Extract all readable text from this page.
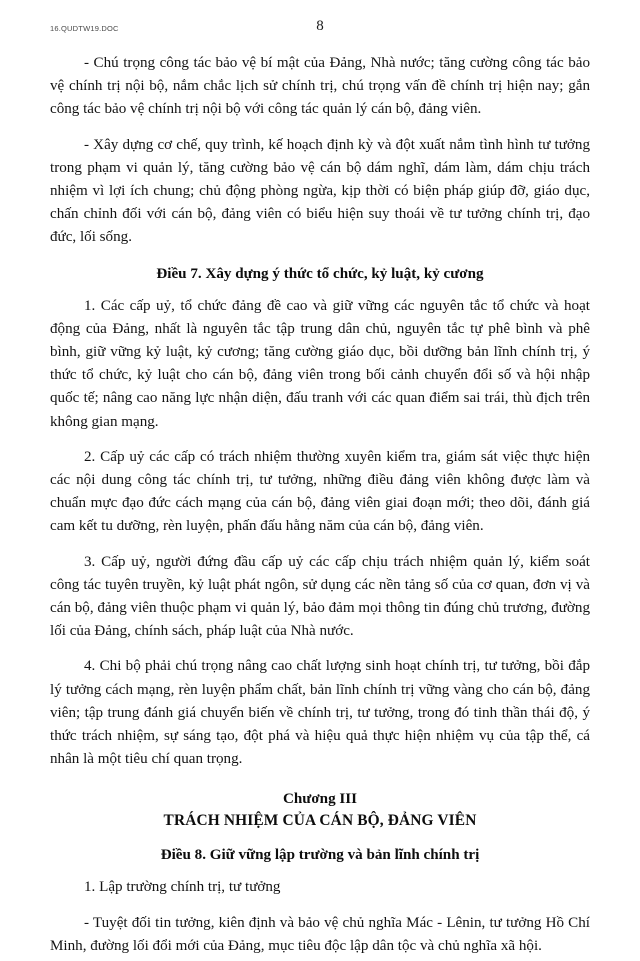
16.QUDTW19.DOC	8

- Chú trọng công tác bảo vệ bí mật của Đảng, Nhà nước; tăng cường công tác bảo vệ chính trị nội bộ, nắm chắc lịch sử chính trị, chú trọng vấn đề chính trị hiện nay; gắn công tác bảo vệ chính trị nội bộ với công tác quản lý cán bộ, đảng viên.

- Xây dựng cơ chế, quy trình, kế hoạch định kỳ và đột xuất nắm tình hình tư tưởng trong phạm vi quản lý, tăng cường bảo vệ cán bộ dám nghĩ, dám làm, dám chịu trách nhiệm vì lợi ích chung; chủ động phòng ngừa, kịp thời có biện pháp giúp đỡ, giáo dục, chấn chỉnh đối với cán bộ, đảng viên có biểu hiện suy thoái về tư tưởng chính trị, đạo đức, lối sống.

Điều 7. Xây dựng ý thức tổ chức, kỷ luật, kỷ cương

1. Các cấp uỷ, tổ chức đảng đề cao và giữ vững các nguyên tắc tổ chức và hoạt động của Đảng, nhất là nguyên tắc tập trung dân chủ, nguyên tắc tự phê bình và phê bình, giữ vững kỷ luật, kỷ cương; tăng cường giáo dục, bồi dưỡng bản lĩnh chính trị, ý thức tổ chức, kỷ luật cho cán bộ, đảng viên trong bối cảnh chuyển đổi số và hội nhập quốc tế; nâng cao năng lực nhận diện, đấu tranh với các quan điểm sai trái, thù địch trên không gian mạng.

2. Cấp uỷ các cấp có trách nhiệm thường xuyên kiểm tra, giám sát việc thực hiện các nội dung công tác chính trị, tư tưởng, những điều đảng viên không được làm và chuẩn mực đạo đức cách mạng của cán bộ, đảng viên giai đoạn mới; theo dõi, đánh giá cam kết tu dưỡng, rèn luyện, phấn đấu hằng năm của cán bộ, đảng viên.

3. Cấp uỷ, người đứng đầu cấp uỷ các cấp chịu trách nhiệm quản lý, kiểm soát công tác tuyên truyền, kỷ luật phát ngôn, sử dụng các nền tảng số của cơ quan, đơn vị và cán bộ, đảng viên thuộc phạm vi quản lý, bảo đảm mọi thông tin đúng chủ trương, đường lối của Đảng, chính sách, pháp luật của Nhà nước.

4. Chi bộ phải chú trọng nâng cao chất lượng sinh hoạt chính trị, tư tưởng, bồi đắp lý tưởng cách mạng, rèn luyện phẩm chất, bản lĩnh chính trị vững vàng cho cán bộ, đảng viên; tập trung đánh giá chuyển biến về chính trị, tư tưởng, trong đó tinh thần thái độ, ý thức trách nhiệm, sự sáng tạo, đột phá và hiệu quả thực hiện nhiệm vụ của tập thể, cá nhân là một tiêu chí quan trọng.

Chương III
TRÁCH NHIỆM CỦA CÁN BỘ, ĐẢNG VIÊN
Điều 8. Giữ vững lập trường và bản lĩnh chính trị

1. Lập trường chính trị, tư tưởng

- Tuyệt đối tin tưởng, kiên định và bảo vệ chủ nghĩa Mác - Lênin, tư tưởng Hồ Chí Minh, đường lối đổi mới của Đảng, mục tiêu độc lập dân tộc và chủ nghĩa xã hội.
